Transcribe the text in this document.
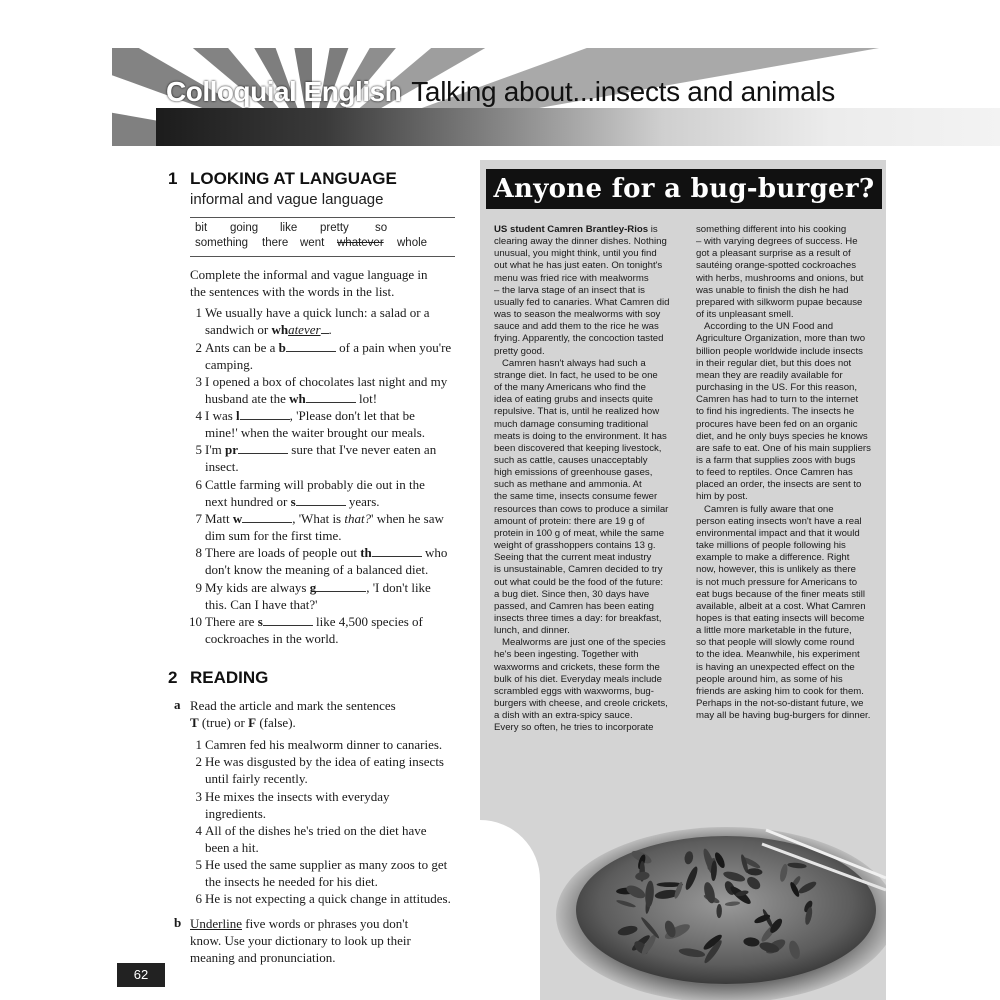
Colloquial English Talking about...insects and animals
1 LOOKING AT LANGUAGE
informal and vague language
bit going like pretty so
something there went whatever whole
Complete the informal and vague language in
the sentences with the words in the list.
1 We usually have a quick lunch: a salad or a
sandwich or whatever .
2 Ants can be a b	of a pain when you're
camping.
3 I opened a box of chocolates last night and my
husband ate the wh	lot!
4 I was l	, 'Please don't let that be
mine!' when the waiter brought our meals.
5 I'm pr	sure that I've never eaten an
insect.
6 Cattle farming will probably die out in the
next hundred or s	years.
7 Matt w	, 'What is that?' when he saw
dim sum for the first time.
8 There are loads of people out th	who
don't know the meaning of a balanced diet.
9 My kids are always g	, 'I don't like
this. Can I have that?'
10 There are s	like 4,500 species of
cockroaches in the world.
2 READING
a Read the article and mark the sentences
T (true) or F (false).
1 Camren fed his mealworm dinner to canaries.
2 He was disgusted by the idea of eating insects
until fairly recently.
3 He mixes the insects with everyday
ingredients.
4 All of the dishes he's tried on the diet have
been a hit.
5 He used the same supplier as many zoos to get
the insects he needed for his diet.
6 He is not expecting a quick change in attitudes.
b Underline five words or phrases you don't
know. Use your dictionary to look up their
meaning and pronunciation.
62
Anyone for a bug-burger?

US student Camren Brantley-Rios is

clearing away the dinner dishes. Nothing

unusual, you might think, until you find

out what he has just eaten. On tonight's

menu was fried rice with mealworms

– the larva stage of an insect that is

usually fed to canaries. What Camren did

was to season the mealworms with soy

sauce and add them to the rice he was

frying. Apparently, the concoction tasted

pretty good.

Camren hasn't always had such a

strange diet. In fact, he used to be one

of the many Americans who find the

idea of eating grubs and insects quite

repulsive. That is, until he realized how

much damage consuming traditional

meats is doing to the environment. It has

been discovered that keeping livestock,

such as cattle, causes unacceptably

high emissions of greenhouse gases,

such as methane and ammonia. At

the same time, insects consume fewer

resources than cows to produce a similar

amount of protein: there are 19 g of

protein in 100 g of meat, while the same

weight of grasshoppers contains 13 g.

Seeing that the current meat industry

is unsustainable, Camren decided to try

out what could be the food of the future:

a bug diet. Since then, 30 days have

passed, and Camren has been eating

insects three times a day: for breakfast,

lunch, and dinner.

Mealworms are just one of the species

he's been ingesting. Together with

waxworms and crickets, these form the

bulk of his diet. Everyday meals include

scrambled eggs with waxworms, bug-

burgers with cheese, and creole crickets,

a dish with an extra-spicy sauce.

Every so often, he tries to incorporate

something different into his cooking

– with varying degrees of success. He

got a pleasant surprise as a result of

sautéing orange-spotted cockroaches

with herbs, mushrooms and onions, but

was unable to finish the dish he had

prepared with silkworm pupae because

of its unpleasant smell.

According to the UN Food and

Agriculture Organization, more than two

billion people worldwide include insects

in their regular diet, but this does not

mean they are readily available for

purchasing in the US. For this reason,

Camren has had to turn to the internet

to find his ingredients. The insects he

procures have been fed on an organic

diet, and he only buys species he knows

are safe to eat. One of his main suppliers

is a farm that supplies zoos with bugs

to feed to reptiles. Once Camren has

placed an order, the insects are sent to

him by post.

Camren is fully aware that one

person eating insects won't have a real

environmental impact and that it would

take millions of people following his

example to make a difference. Right

now, however, this is unlikely as there

is not much pressure for Americans to

eat bugs because of the finer meats still

available, albeit at a cost. What Camren

hopes is that eating insects will become

a little more marketable in the future,

so that people will slowly come round

to the idea. Meanwhile, his experiment

is having an unexpected effect on the

people around him, as some of his

friends are asking him to cook for them.

Perhaps in the not-so-distant future, we

may all be having bug-burgers for dinner.
